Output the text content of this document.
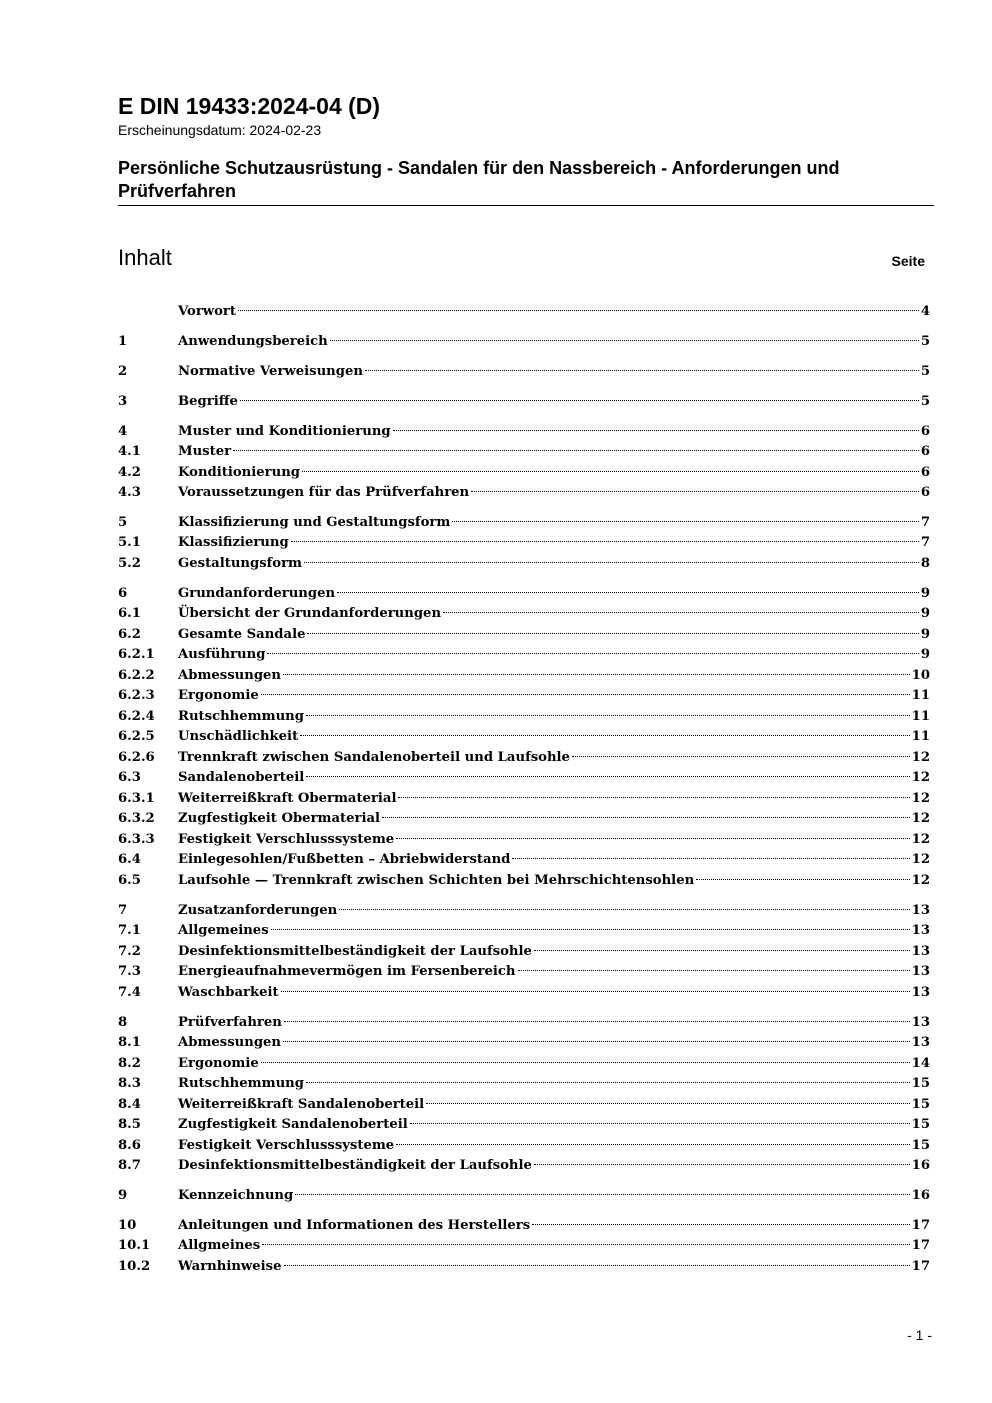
E DIN 19433:2024-04 (D)
Erscheinungsdatum: 2024-02-23
Persönliche Schutzausrüstung - Sandalen für den Nassbereich - Anforderungen und Prüfverfahren
Inhalt	Seite
Vorwort	4
1	Anwendungsbereich	5
2	Normative Verweisungen	5
3	Begriffe	5
4	Muster und Konditionierung	6
4.1	Muster	6
4.2	Konditionierung	6
4.3	Voraussetzungen für das Prüfverfahren	6
5	Klassifizierung und Gestaltungsform	7
5.1	Klassifizierung	7
5.2	Gestaltungsform	8
6	Grundanforderungen	9
6.1	Übersicht der Grundanforderungen	9
6.2	Gesamte Sandale	9
6.2.1	Ausführung	9
6.2.2	Abmessungen	10
6.2.3	Ergonomie	11
6.2.4	Rutschhemmung	11
6.2.5	Unschädlichkeit	11
6.2.6	Trennkraft zwischen Sandalenoberteil und Laufsohle	12
6.3	Sandalenoberteil	12
6.3.1	Weiterreißkraft Obermaterial	12
6.3.2	Zugfestigkeit Obermaterial	12
6.3.3	Festigkeit Verschlusssysteme	12
6.4	Einlegesohlen/Fußbetten – Abriebwiderstand	12
6.5	Laufsohle — Trennkraft zwischen Schichten bei Mehrschichtensohlen	12
7	Zusatzanforderungen	13
7.1	Allgemeines	13
7.2	Desinfektionsmittelbeständigkeit der Laufsohle	13
7.3	Energieaufnahmevermögen im Fersenbereich	13
7.4	Waschbarkeit	13
8	Prüfverfahren	13
8.1	Abmessungen	13
8.2	Ergonomie	14
8.3	Rutschhemmung	15
8.4	Weiterreißkraft Sandalenoberteil	15
8.5	Zugfestigkeit Sandalenoberteil	15
8.6	Festigkeit Verschlusssysteme	15
8.7	Desinfektionsmittelbeständigkeit der Laufsohle	16
9	Kennzeichnung	16
10	Anleitungen und Informationen des Herstellers	17
10.1	Allgmeines	17
10.2	Warnhinweise	17
- 1 -
